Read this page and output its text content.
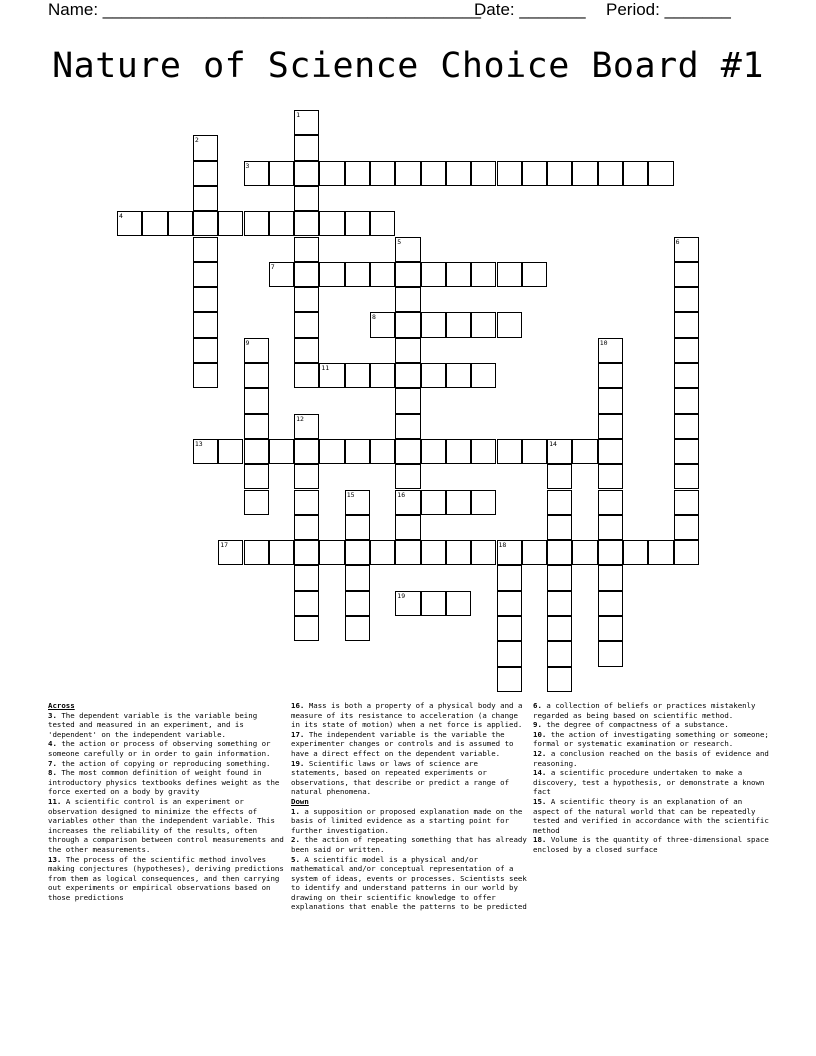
Name: ________________________________________
Date: _______ Period: _______
Nature of Science Choice Board #1
1
2
3
4
5
16
6
7
8
9	10
11
12
13	14
15
17	18
19

Across

3. The dependent variable is the variable being tested and measured in an experiment, and is 'dependent' on the independent variable.

4. the action or process of observing something or someone carefully or in order to gain information.

7. the action of copying or reproducing something.

8. The most common definition of weight found in introductory physics textbooks defines weight as the force exerted on a body by gravity

11. A scientific control is an experiment or observation designed to minimize the effects of variables other than the independent variable. This increases the reliability of the results, often through a comparison between control measurements and the other measurements.

13. The process of the scientific method involves making conjectures (hypotheses), deriving predictions from them as logical consequences, and then carrying out experiments or empirical observations based on those predictions

16. Mass is both a property of a physical body and a measure of its resistance to acceleration (a change in its state of motion) when a net force is applied.

17. The independent variable is the variable the experimenter changes or controls and is assumed to have a direct effect on the dependent variable.

19. Scientific laws or laws of science are statements, based on repeated experiments or observations, that describe or predict a range of natural phenomena.

Down

1. a supposition or proposed explanation made on the basis of limited evidence as a starting point for further investigation.

2. the action of repeating something that has already been said or written.

5. A scientific model is a physical and/or mathematical and/or conceptual representation of a system of ideas, events or processes. Scientists seek to identify and understand patterns in our world by drawing on their scientific knowledge to offer explanations that enable the patterns to be predicted

6. a collection of beliefs or practices mistakenly regarded as being based on scientific method.

9. the degree of compactness of a substance.

10. the action of investigating something or someone; formal or systematic examination or research.

12. a conclusion reached on the basis of evidence and reasoning.

14. a scientific procedure undertaken to make a discovery, test a hypothesis, or demonstrate a known fact

15. A scientific theory is an explanation of an aspect of the natural world that can be repeatedly tested and verified in accordance with the scientific method

18. Volume is the quantity of three-dimensional space enclosed by a closed surface
